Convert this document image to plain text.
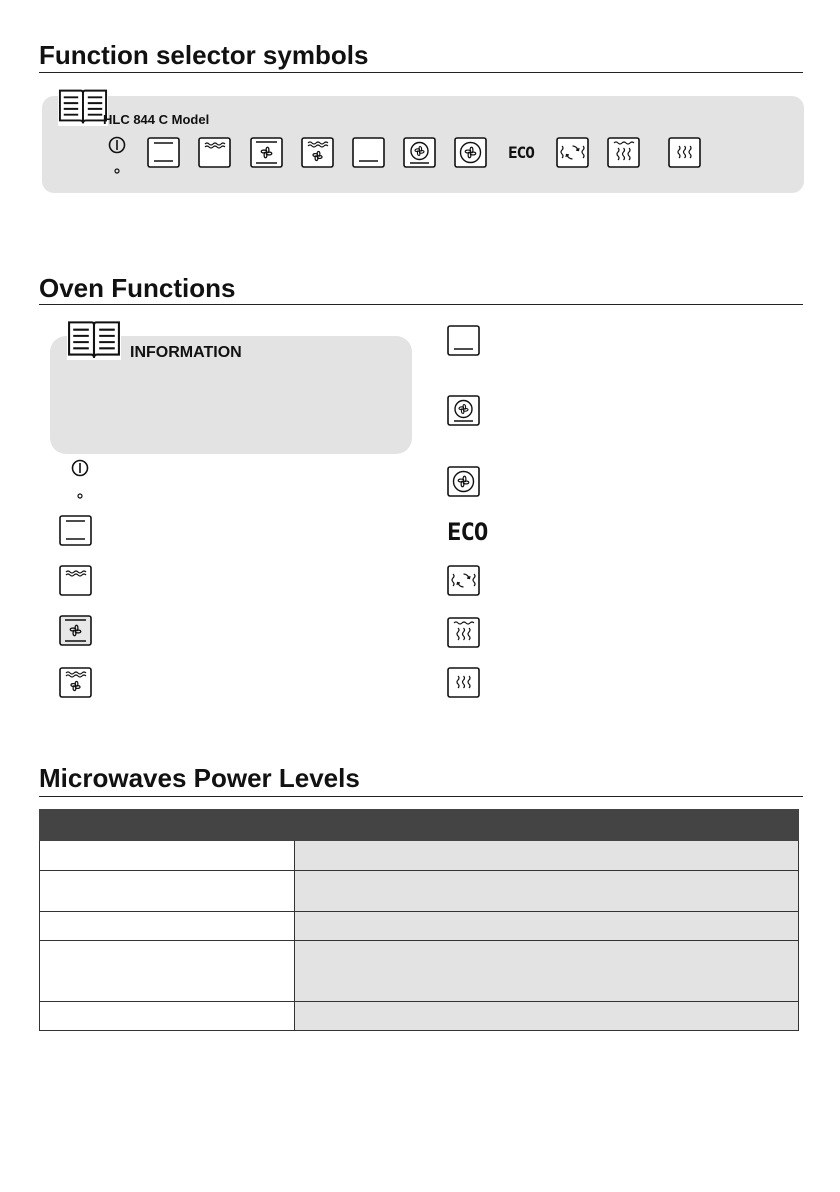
Function selector symbols
HLC 844 C Model
ECO
Oven Functions
INFORMATION
ECO
Microwaves Power Levels
